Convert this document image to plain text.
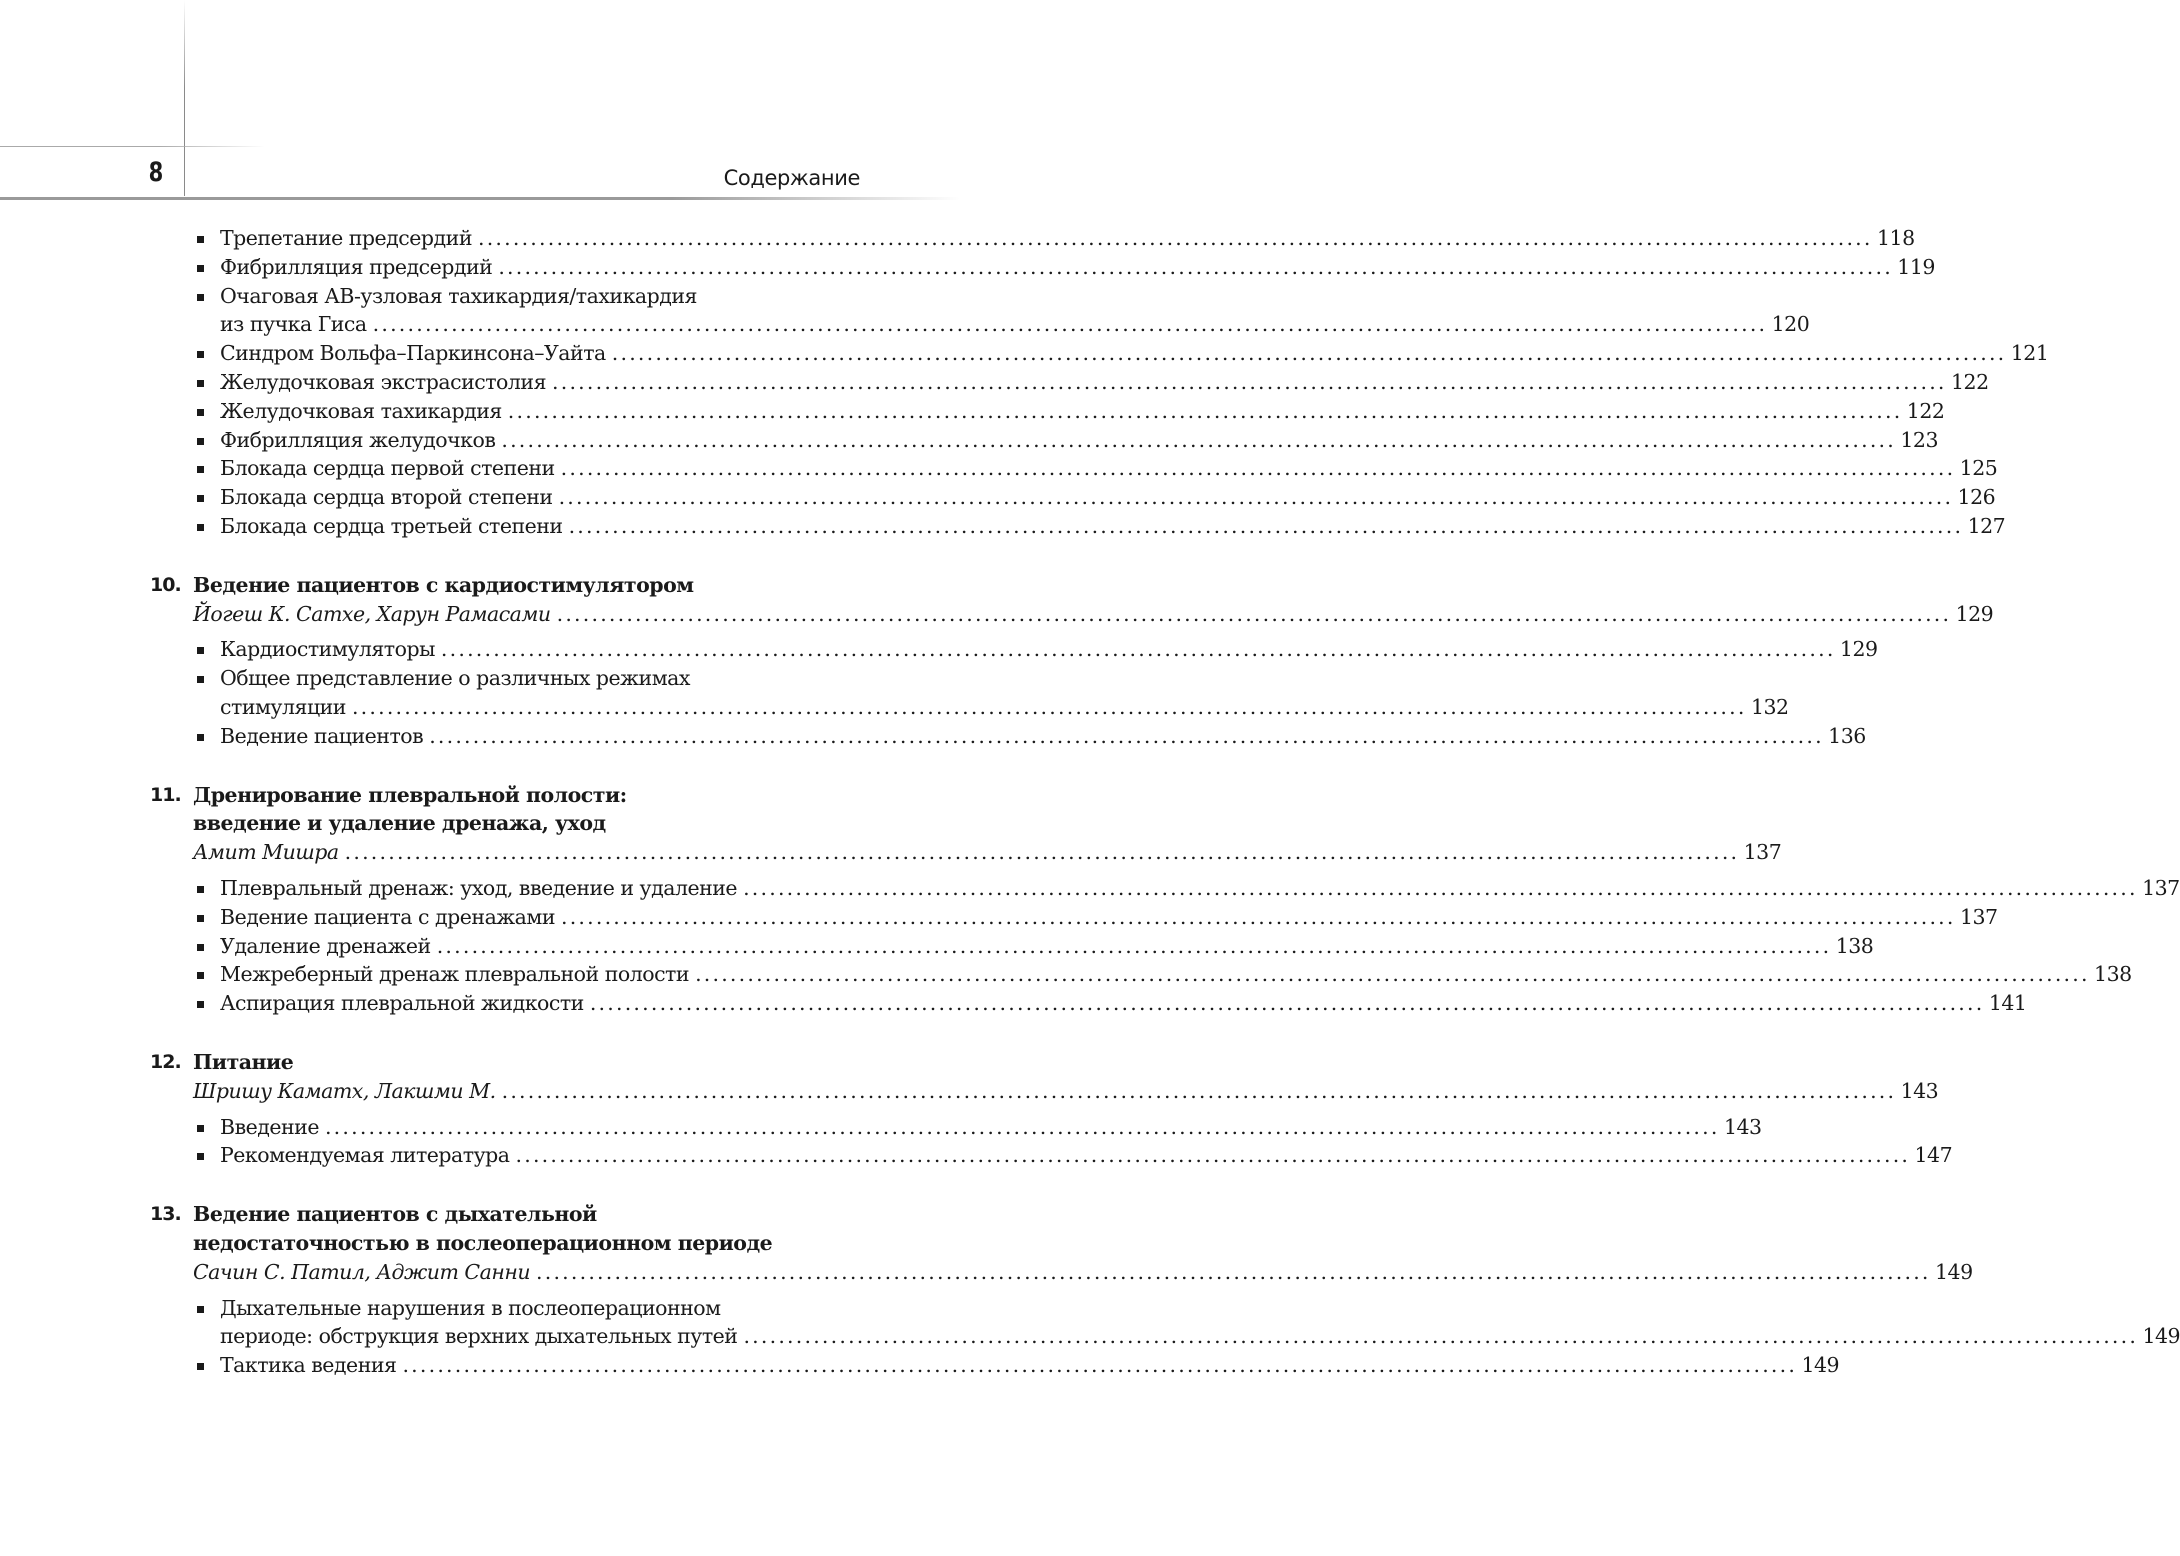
8	Содержание
Трепетание предсердий ................................................................................................................................................................ 118
Фибрилляция предсердий ................................................................................................................................................................ 119
Очаговая АВ-узловая тахикардия/тахикардия
из пучка Гиса ................................................................................................................................................................ 120
Синдром Вольфа–Паркинсона–Уайта ................................................................................................................................................................ 121
Желудочковая экстрасистолия ................................................................................................................................................................ 122
Желудочковая тахикардия ................................................................................................................................................................ 122
Фибрилляция желудочков ................................................................................................................................................................ 123
Блокада сердца первой степени ................................................................................................................................................................ 125
Блокада сердца второй степени ................................................................................................................................................................ 126
Блокада сердца третьей степени ................................................................................................................................................................ 127
10. Ведение пациентов с кардиостимулятором
Йогеш К. Сатхе, Харун Рамасами ................................................................................................................................................................ 129
Кардиостимуляторы ................................................................................................................................................................ 129
Общее представление о различных режимах
стимуляции ................................................................................................................................................................ 132
Ведение пациентов ................................................................................................................................................................ 136
11. Дренирование плевральной полости:
введение и удаление дренажа, уход
Амит Мишра ................................................................................................................................................................ 137
Плевральный дренаж: уход, введение и удаление ................................................................................................................................................................ 137
Ведение пациента с дренажами ................................................................................................................................................................ 137
Удаление дренажей ................................................................................................................................................................ 138
Межреберный дренаж плевральной полости ................................................................................................................................................................ 138
Аспирация плевральной жидкости ................................................................................................................................................................ 141
12. Питание
Шришу Каматх, Лакшми М. ................................................................................................................................................................ 143
Введение ................................................................................................................................................................ 143
Рекомендуемая литература ................................................................................................................................................................ 147
13. Ведение пациентов с дыхательной
недостаточностью в послеоперационном периоде
Сачин С. Патил, Аджит Санни ................................................................................................................................................................ 149
Дыхательные нарушения в послеоперационном
периоде: обструкция верхних дыхательных путей ................................................................................................................................................................ 149
Тактика ведения ................................................................................................................................................................ 149
